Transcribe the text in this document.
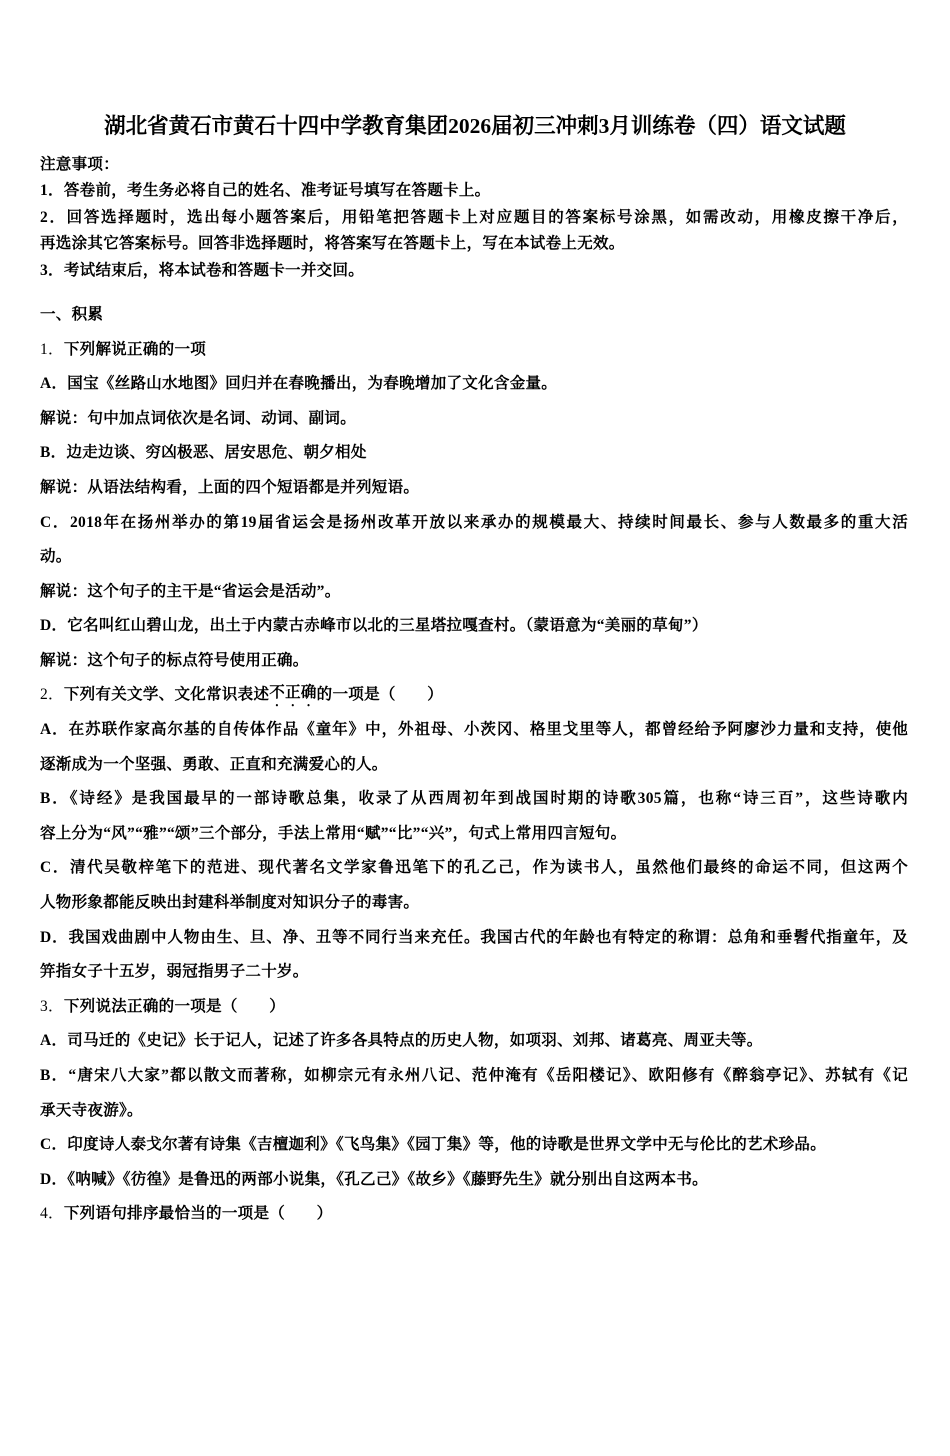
湖北省黄石市黄石十四中学教育集团2026届初三冲刺3月训练卷（四）语文试题
注意事项：
1．答卷前，考生务必将自己的姓名、准考证号填写在答题卡上。
2．回答选择题时，选出每小题答案后，用铅笔把答题卡上对应题目的答案标号涂黑，如需改动，用橡皮擦干净后，
再选涂其它答案标号。回答非选择题时，将答案写在答题卡上，写在本试卷上无效。
3．考试结束后，将本试卷和答题卡一并交回。
一、积累
1．下列解说正确的一项
A．国宝《丝路山水地图》回归并在春晚播出，为春晚增加了文化含金量。
解说：句中加点词依次是名词、动词、副词。
B．边走边谈、穷凶极恶、居安思危、朝夕相处
解说：从语法结构看，上面的四个短语都是并列短语。
C．2018年在扬州举办的第19届省运会是扬州改革开放以来承办的规模最大、持续时间最长、参与人数最多的重大活
动。
解说：这个句子的主干是“省运会是活动”。
D．它名叫红山碧山龙，出土于内蒙古赤峰市以北的三星塔拉嘎查村。（蒙语意为“美丽的草甸”）
解说：这个句子的标点符号使用正确。
2．下列有关文学、文化常识表述不正确的一项是（　　）
A．在苏联作家高尔基的自传体作品《童年》中，外祖母、小茨冈、格里戈里等人，都曾经给予阿廖沙力量和支持，使他
逐渐成为一个坚强、勇敢、正直和充满爱心的人。
B．《诗经》是我国最早的一部诗歌总集，收录了从西周初年到战国时期的诗歌305篇，也称“诗三百”，这些诗歌内
容上分为“风”“雅”“颂”三个部分，手法上常用“赋”“比”“兴”，句式上常用四言短句。
C．清代吴敬梓笔下的范进、现代著名文学家鲁迅笔下的孔乙己，作为读书人，虽然他们最终的命运不同，但这两个
人物形象都能反映出封建科举制度对知识分子的毒害。
D．我国戏曲剧中人物由生、旦、净、丑等不同行当来充任。我国古代的年龄也有特定的称谓：总角和垂髫代指童年，及
笄指女子十五岁，弱冠指男子二十岁。
3．下列说法正确的一项是（　　）
A．司马迁的《史记》长于记人，记述了许多各具特点的历史人物，如项羽、刘邦、诸葛亮、周亚夫等。
B．“唐宋八大家”都以散文而著称，如柳宗元有永州八记、范仲淹有《岳阳楼记》、欧阳修有《醉翁亭记》、苏轼有《记
承天寺夜游》。
C．印度诗人泰戈尔著有诗集《吉檀迦利》《飞鸟集》《园丁集》等，他的诗歌是世界文学中无与伦比的艺术珍品。
D．《呐喊》《彷徨》是鲁迅的两部小说集，《孔乙己》《故乡》《藤野先生》就分别出自这两本书。
4．下列语句排序最恰当的一项是（　　）
